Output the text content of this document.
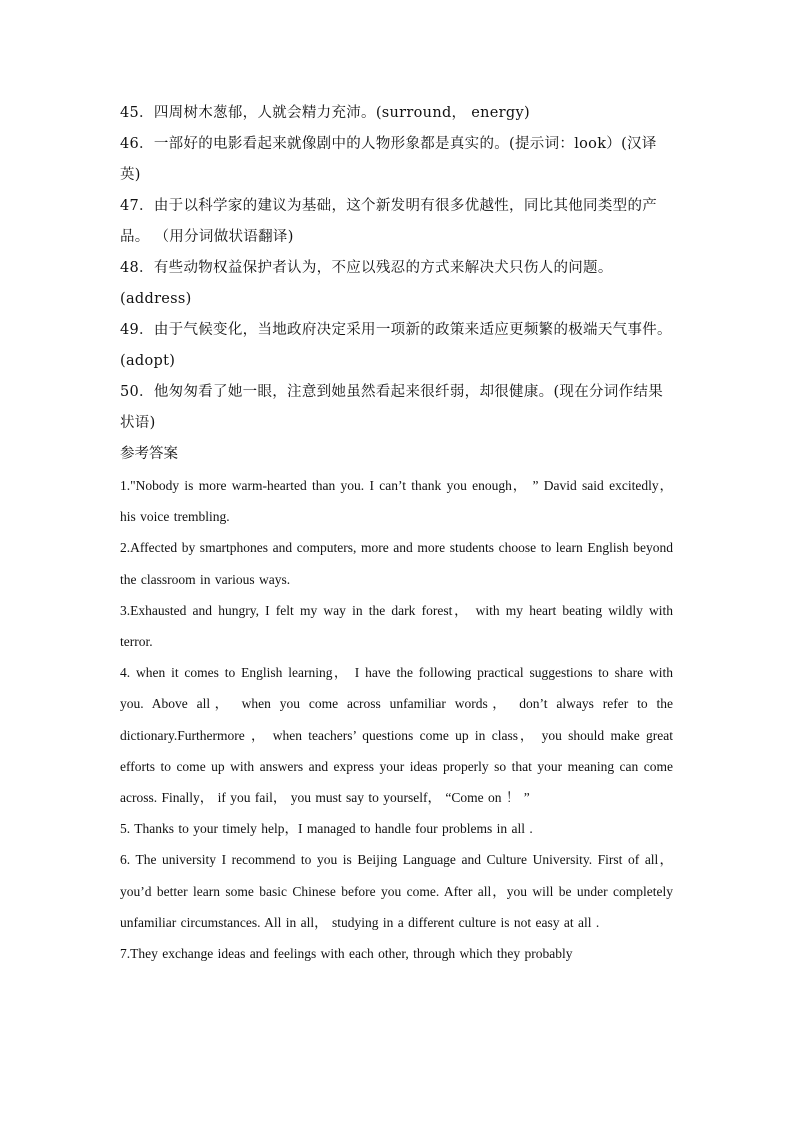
45．四周树木葱郁，人就会精力充沛。(surround， energy)

46．一部好的电影看起来就像剧中的人物形象都是真实的。(提示词：look）(汉译英)

47．由于以科学家的建议为基础，这个新发明有很多优越性，同比其他同类型的产品。 （用分词做状语翻译)

48．有些动物权益保护者认为，不应以残忍的方式来解决犬只伤人的问题。(address)

49．由于气候变化，当地政府决定采用一项新的政策来适应更频繁的极端天气事件。(adopt)

50．他匆匆看了她一眼，注意到她虽然看起来很纤弱，却很健康。(现在分词作结果状语)

参考答案

1."Nobody is more warm-hearted than you. I can’t thank you enough， ” David said excitedly， his voice trembling.

2.Affected by smartphones and computers, more and more students choose to learn English beyond the classroom in various ways.

3.Exhausted and hungry, I felt my way in the dark forest， with my heart beating wildly with terror.

4. when it comes to English learning， I have the following practical suggestions to share with you. Above all， when you come across unfamiliar words， don’t always refer to the dictionary.Furthermore ， when teachers’ questions come up in class， you should make great efforts to come up with answers and express your ideas properly so that your meaning can come across. Finally， if you fail， you must say to yourself， “Come on ！ ”

5. Thanks to your timely help，I managed to handle four problems in all .

6. The university I recommend to you is Beijing Language and Culture University. First of all，you’d better learn some basic Chinese before you come. After all，you will be under completely unfamiliar circumstances. All in all， studying in a different culture is not easy at all .

7.They exchange ideas and feelings with each other, through which they probably
